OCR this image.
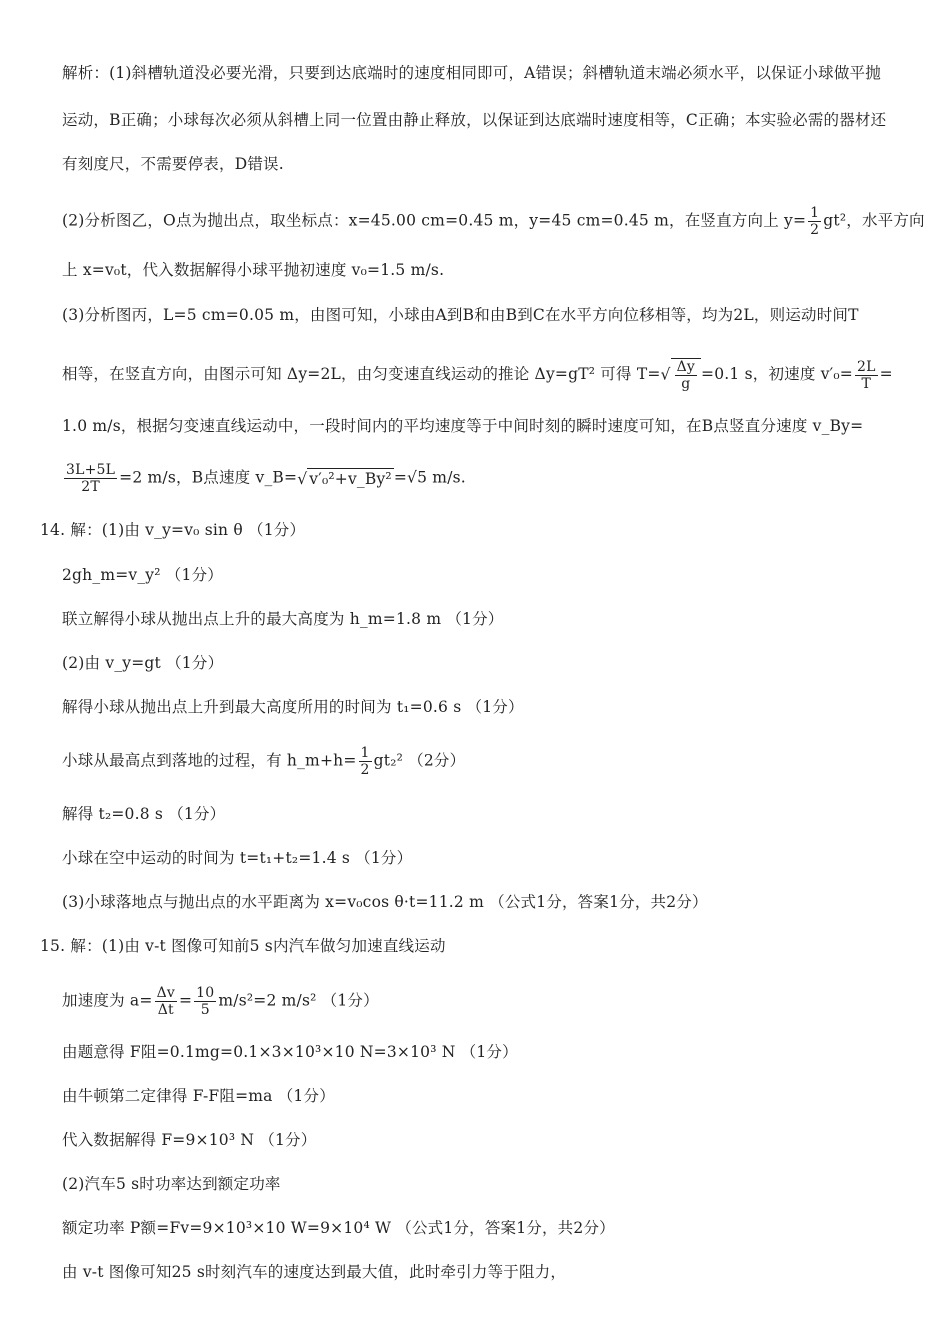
解析：(1)斜槽轨道没必要光滑，只要到达底端时的速度相同即可，A错误；斜槽轨道末端必须水平，以保证小球做平抛
运动，B正确；小球每次必须从斜槽上同一位置由静止释放，以保证到达底端时速度相等，C正确；本实验必需的器材还
有刻度尺，不需要停表，D错误.
(2)分析图乙，O点为抛出点，取坐标点：x=45.00 cm=0.45 m，y=45 cm=0.45 m，在竖直方向上 $y= \frac{1}{2} gt^2$，水平方向
上 x=v₀t，代入数据解得小球平抛初速度 v₀=1.5 m/s.
(3)分析图丙，L=5 cm=0.05 m，由图可知，小球由A到B和由B到C在水平方向位移相等，均为2L，则运动时间T
相等，在竖直方向，由图示可知 Δy=2L，由匀变速直线运动的推论 Δy=gT² 可得 $T=√ \frac{\Delta y}{g} =0.1$ s，初速度 $v'_0= \frac{2L}{T}$ =
1.0 m/s，根据匀变速直线运动中，一段时间内的平均速度等于中间时刻的瞬时速度可知，在B点竖直分速度 v_By=
$\frac{3L+5L}{2T} =2$ m/s，B点速度 v_B=√ v′₀²+v_By² =√5 m/s.
14. 解：(1)由 v_y=v₀ sin θ （1分）
2gh_m=v_y² （1分）
联立解得小球从抛出点上升的最大高度为 h_m=1.8 m （1分）
(2)由 v_y=gt （1分）
解得小球从抛出点上升到最大高度所用的时间为 t₁=0.6 s （1分）
小球从最高点到落地的过程，有 h_m+h= $\frac{1}{2} gt_2^2$ （2分）
解得 t₂=0.8 s （1分）
小球在空中运动的时间为 t=t₁+t₂=1.4 s （1分）
(3)小球落地点与抛出点的水平距离为 x=v₀cos θ·t=11.2 m （公式1分，答案1分，共2分）
15. 解：(1)由 v-t 图像可知前5 s内汽车做匀加速直线运动
加速度为 $a= \frac{\Delta v}{\Delta t} = \frac{10}{5} m/s^2=2$ m/s² （1分）
由题意得 F阻=0.1mg=0.1×3×10³×10 N=3×10³ N （1分）
由牛顿第二定律得 F-F阻=ma （1分）
代入数据解得 F=9×10³ N （1分）
(2)汽车5 s时功率达到额定功率
额定功率 P额=Fv=9×10³×10 W=9×10⁴ W （公式1分，答案1分，共2分）
由 v-t 图像可知25 s时刻汽车的速度达到最大值，此时牵引力等于阻力，
